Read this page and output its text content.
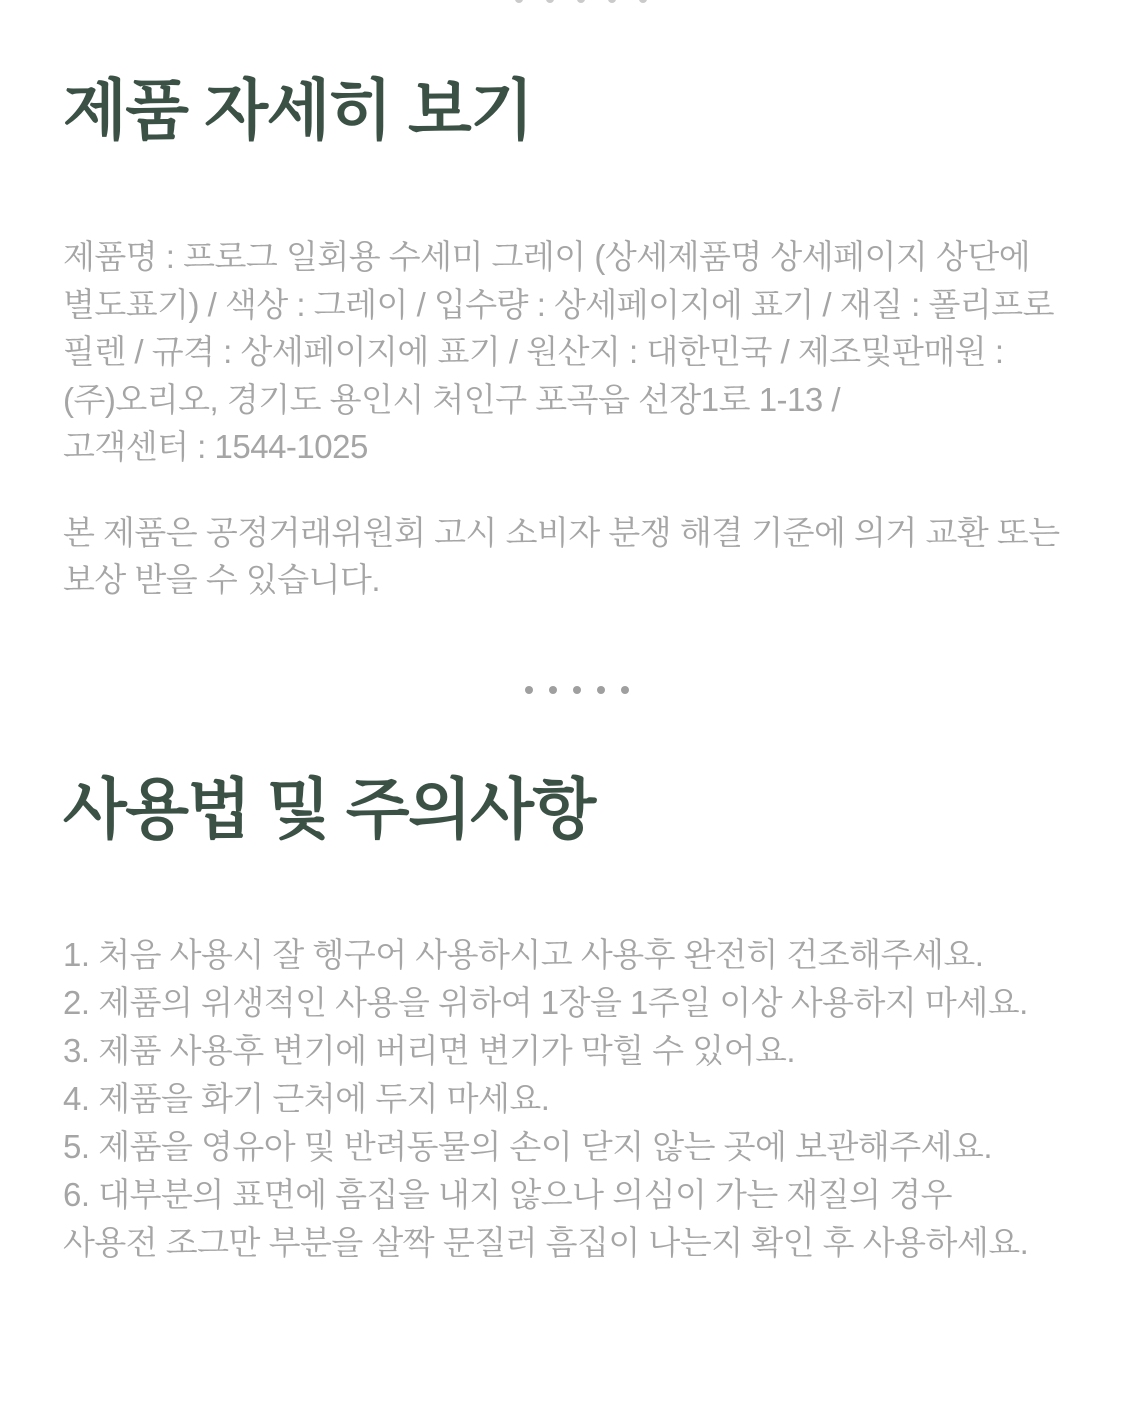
제품 자세히 보기
제품명 : 프로그 일회용 수세미 그레이 (상세제품명 상세페이지 상단에
별도표기) / 색상 : 그레이 / 입수량 : 상세페이지에 표기 / 재질 : 폴리프로
필렌 / 규격 : 상세페이지에 표기 / 원산지 : 대한민국 / 제조및판매원 :
(주)오리오, 경기도 용인시 처인구 포곡읍 선장1로 1-13 /
고객센터 : 1544-1025
본 제품은 공정거래위원회 고시 소비자 분쟁 해결 기준에 의거 교환 또는
보상 받을 수 있습니다.
사용법 및 주의사항
1. 처음 사용시 잘 헹구어 사용하시고 사용후 완전히 건조해주세요.
2. 제품의 위생적인 사용을 위하여 1장을 1주일 이상 사용하지 마세요.
3. 제품 사용후 변기에 버리면 변기가 막힐 수 있어요.
4. 제품을 화기 근처에 두지 마세요.
5. 제품을 영유아 및 반려동물의 손이 닫지 않는 곳에 보관해주세요.
6. 대부분의 표면에 흠집을 내지 않으나 의심이 가는 재질의 경우
사용전 조그만 부분을 살짝 문질러 흠집이 나는지 확인 후 사용하세요.
